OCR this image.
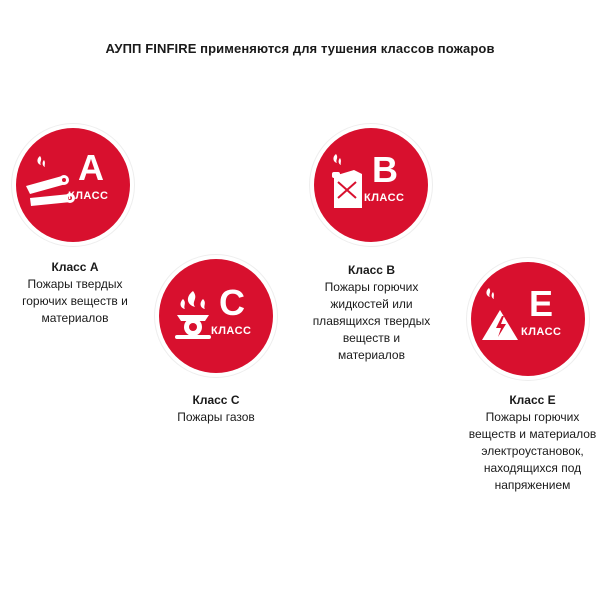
АУПП FINFIRE применяются для тушения классов пожаров
A
КЛАСС
Класс А
Пожары твердых горючих веществ и материалов
B
КЛАСС
Класс В
Пожары горючих жидкостей или плавящихся твердых веществ и материалов
C
КЛАСС
Класс С
Пожары газов
E
КЛАСС
Класс Е
Пожары горючих веществ и материалов электроустановок, находящихся под напряжением
